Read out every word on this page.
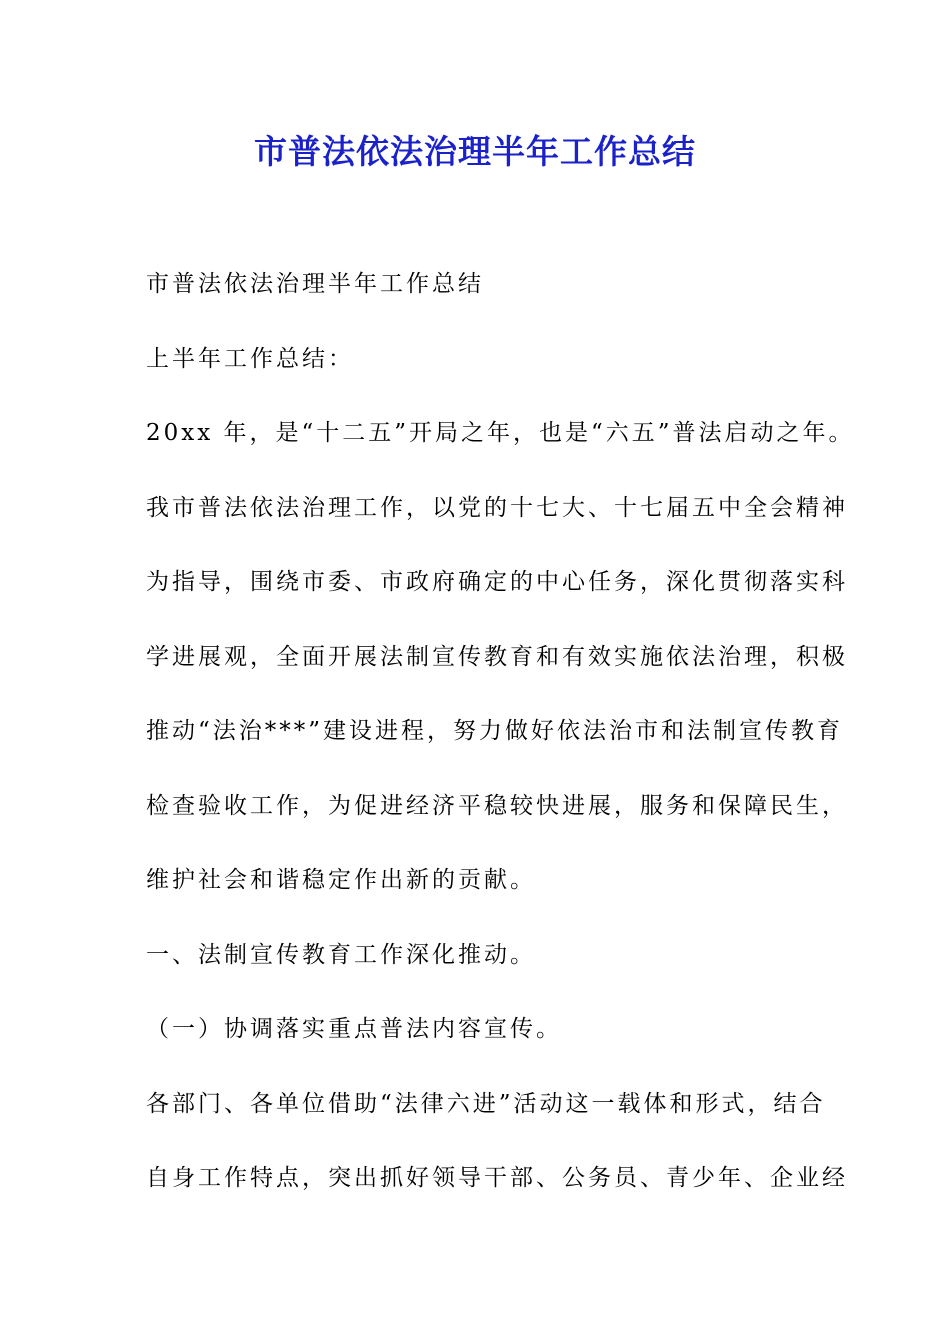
市普法依法治理半年工作总结
市普法依法治理半年工作总结
上半年工作总结：
20xx 年，是“十二五”开局之年，也是“六五”普法启动之年。
我市普法依法治理工作，以党的十七大、十七届五中全会精神
为指导，围绕市委、市政府确定的中心任务，深化贯彻落实科
学进展观，全面开展法制宣传教育和有效实施依法治理，积极
推动“法治***”建设进程，努力做好依法治市和法制宣传教育
检查验收工作，为促进经济平稳较快进展，服务和保障民生，
维护社会和谐稳定作出新的贡献。
一、法制宣传教育工作深化推动。
（一）协调落实重点普法内容宣传。
各部门、各单位借助“法律六进”活动这一载体和形式，结合
自身工作特点，突出抓好领导干部、公务员、青少年、企业经
